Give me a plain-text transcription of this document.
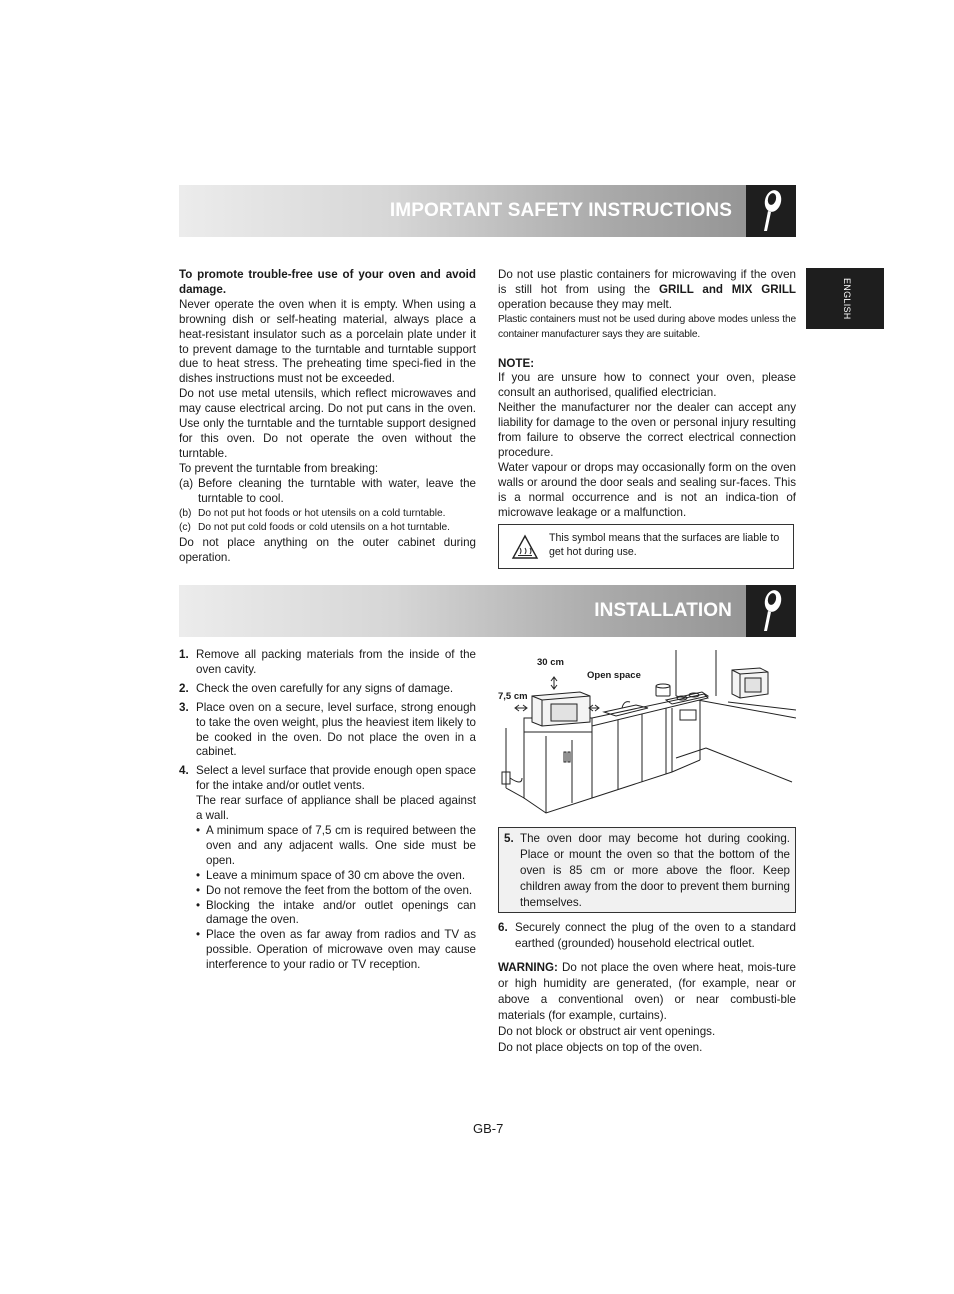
IMPORTANT SAFETY INSTRUCTIONS
ENGLISH

To promote trouble-free use of your oven and avoid damage.

Never operate the oven when it is empty. When using a browning dish or self-heating material, always place a heat-resistant insulator such as a porcelain plate under it to prevent damage to the turntable and turntable support due to heat stress. The preheating time speci-fied in the dishes instructions must not be exceeded.

Do not use metal utensils, which reflect microwaves and may cause electrical arcing. Do not put cans in the oven. Use only the turntable and the turntable support designed for this oven. Do not operate the oven without the turntable.

To prevent the turntable from breaking:

(a) Before cleaning the turntable with water, leave the turntable to cool.
(b) Do not put hot foods or hot utensils on a cold turntable.
(c) Do not put cold foods or cold utensils on a hot turntable.

Do not place anything on the outer cabinet during operation.

Do not use plastic containers for microwaving if the oven is still hot from using the GRILL and MIX GRILL operation because they may melt.

Plastic containers must not be used during above modes unless the container manufacturer says they are suitable.

NOTE:

If you are unsure how to connect your oven, please consult an authorised, qualified electrician.

Neither the manufacturer nor the dealer can accept any liability for damage to the oven or personal injury resulting from failure to observe the correct electrical connection procedure.

Water vapour or drops may occasionally form on the oven walls or around the door seals and sealing sur-faces. This is a normal occurrence and is not an indica-tion of microwave leakage or a malfunction.

This symbol means that the surfaces are liable to get hot during use.
INSTALLATION
1. Remove all packing materials from the inside of the oven cavity.
2. Check the oven carefully for any signs of damage.
3. Place oven on a secure, level surface, strong enough to take the oven weight, plus the heaviest item likely to be cooked in the oven. Do not place the oven in a cabinet.
4. Select a level surface that provide enough open space for the intake and/or outlet vents.
The rear surface of appliance shall be placed against a wall.
• A minimum space of 7,5 cm is required between the oven and any adjacent walls. One side must be open.
• Leave a minimum space of 30 cm above the oven.
• Do not remove the feet from the bottom of the oven.
• Blocking the intake and/or outlet openings can damage the oven.
• Place the oven as far away from radios and TV as possible. Operation of microwave oven may cause interference to your radio or TV reception.
30 cm
7,5 cm
Open space
5. The oven door may become hot during cooking. Place or mount the oven so that the bottom of the oven is 85 cm or more above the floor. Keep children away from the door to prevent them burning themselves.
6. Securely connect the plug of the oven to a standard earthed (grounded) household electrical outlet.

WARNING: Do not place the oven where heat, mois-ture or high humidity are generated, (for example, near or above a conventional oven) or near combusti-ble materials (for example, curtains).

Do not block or obstruct air vent openings.

Do not place objects on top of the oven.

GB-7
